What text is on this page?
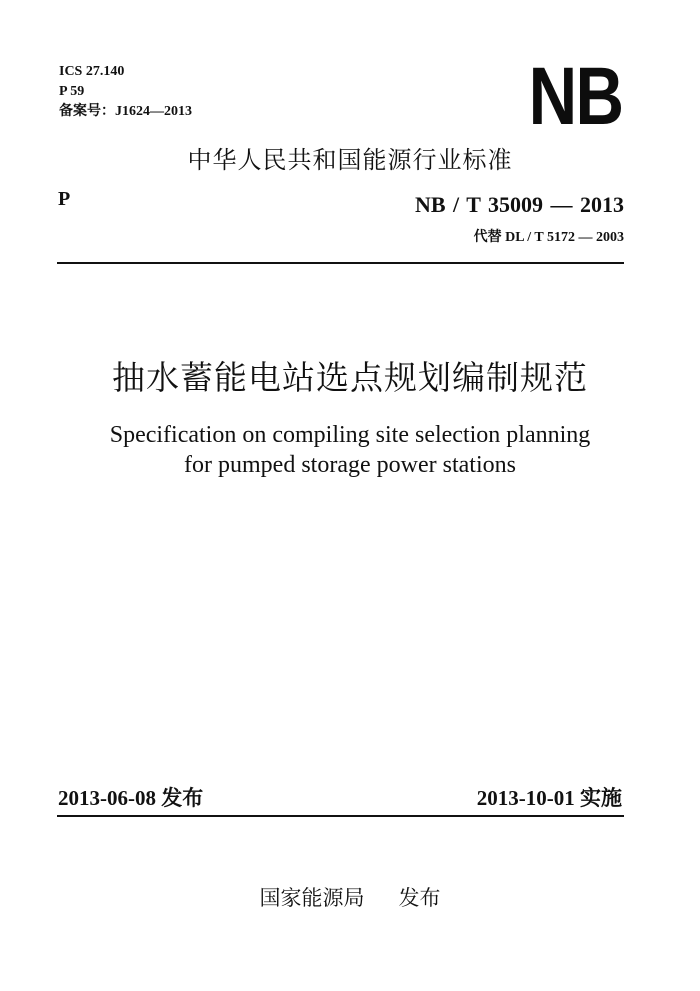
ICS 27.140
P 59
备案号：J1624—2013	NB
中华人民共和国能源行业标准
P	NB / T 35009 — 2013
代替 DL / T 5172 — 2003
抽水蓄能电站选点规划编制规范
Specification on compiling site selection planning
for pumped storage power stations
2013-06-08 发布	2013-10-01 实施
国家能源局 发布
